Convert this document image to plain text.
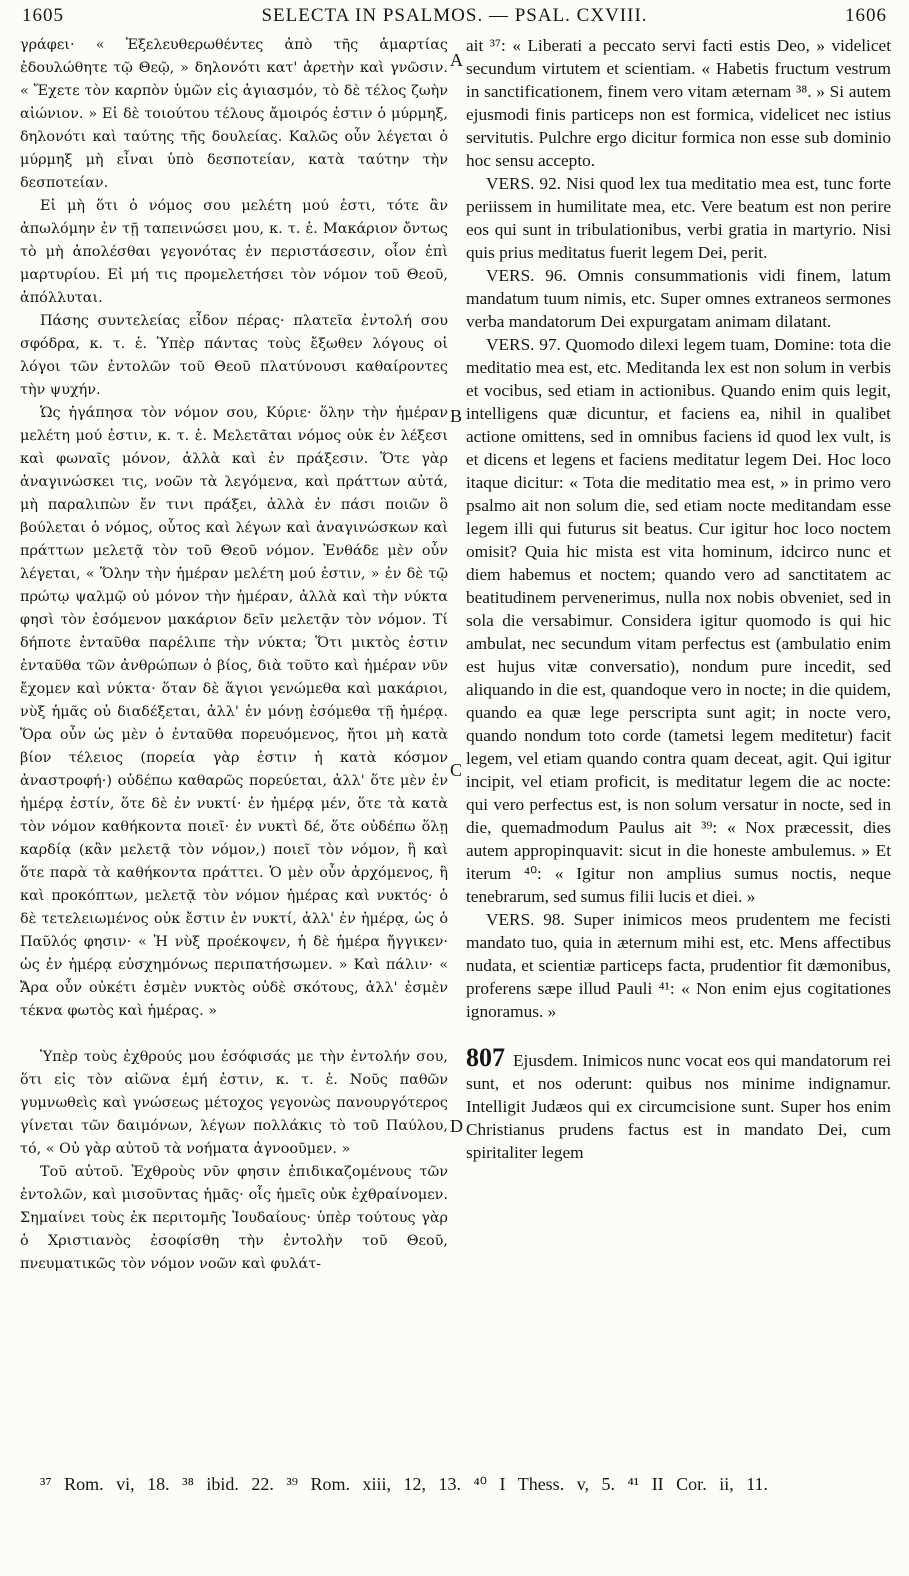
1605	SELECTA IN PSALMOS. — PSAL. CXVIII.	1606

γράφει· « Ἐξελευθερωθέντες ἀπὸ τῆς ἁμαρτίας ἐδουλώθητε τῷ Θεῷ, » δηλονότι κατ' ἀρετὴν καὶ γνῶσιν. « Ἔχετε τὸν καρπὸν ὑμῶν εἰς ἁγιασμόν, τὸ δὲ τέλος ζωὴν αἰώνιον. » Εἰ δὲ τοιούτου τέλους ἄμοιρός ἐστιν ὁ μύρμηξ, δηλονότι καὶ ταύτης τῆς δουλείας. Καλῶς οὖν λέγεται ὁ μύρμηξ μὴ εἶναι ὑπὸ δεσποτείαν, κατὰ ταύτην τὴν δεσποτείαν.

Εἰ μὴ ὅτι ὁ νόμος σου μελέτη μού ἐστι, τότε ἂν ἀπωλόμην ἐν τῇ ταπεινώσει μου, κ. τ. ἑ. Μακάριον ὄντως τὸ μὴ ἀπολέσθαι γεγονότας ἐν περιστάσεσιν, οἷον ἐπὶ μαρτυρίου. Εἰ μή τις προμελετήσει τὸν νόμον τοῦ Θεοῦ, ἀπόλλυται.

Πάσης συντελείας εἶδον πέρας· πλατεῖα ἐντολή σου σφόδρα, κ. τ. ἑ. Ὑπὲρ πάντας τοὺς ἔξωθεν λόγους οἱ λόγοι τῶν ἐντολῶν τοῦ Θεοῦ πλατύνουσι καθαίροντες τὴν ψυχήν.

Ὡς ἠγάπησα τὸν νόμον σου, Κύριε· ὅλην τὴν ἡμέραν μελέτη μού ἐστιν, κ. τ. ἑ. Μελετᾶται νόμος οὐκ ἐν λέξεσι καὶ φωναῖς μόνον, ἀλλὰ καὶ ἐν πράξεσιν. Ὅτε γὰρ ἀναγινώσκει τις, νοῶν τὰ λεγόμενα, καὶ πράττων αὐτά, μὴ παραλιπὼν ἔν τινι πράξει, ἀλλὰ ἐν πάσι ποιῶν ὃ βούλεται ὁ νόμος, οὗτος καὶ λέγων καὶ ἀναγινώσκων καὶ πράττων μελετᾷ τὸν τοῦ Θεοῦ νόμον. Ἐνθάδε μὲν οὖν λέγεται, « Ὅλην τὴν ἡμέραν μελέτη μού ἐστιν, » ἐν δὲ τῷ πρώτῳ ψαλμῷ οὐ μόνον τὴν ἡμέραν, ἀλλὰ καὶ τὴν νύκτα φησὶ τὸν ἐσόμενον μακάριον δεῖν μελετᾷν τὸν νόμον. Τί δήποτε ἐνταῦθα παρέλιπε τὴν νύκτα; Ὅτι μικτὸς ἐστιν ἐνταῦθα τῶν ἀνθρώπων ὁ βίος, διὰ τοῦτο καὶ ἡμέραν νῦν ἔχομεν καὶ νύκτα· ὅταν δὲ ἅγιοι γενώμεθα καὶ μακάριοι, νὺξ ἡμᾶς οὐ διαδέξεται, ἀλλ' ἐν μόνῃ ἐσόμεθα τῇ ἡμέρᾳ. Ὅρα οὖν ὡς μὲν ὁ ἐνταῦθα πορευόμενος, ἤτοι μὴ κατὰ βίον τέλειος (πορεία γὰρ ἐστιν ἡ κατὰ κόσμον ἀναστροφή·) οὐδέπω καθαρῶς πορεύεται, ἀλλ' ὅτε μὲν ἐν ἡμέρᾳ ἐστίν, ὅτε δὲ ἐν νυκτί· ἐν ἡμέρᾳ μέν, ὅτε τὰ κατὰ τὸν νόμον καθήκοντα ποιεῖ· ἐν νυκτὶ δέ, ὅτε οὐδέπω ὅλῃ καρδίᾳ (κἂν μελετᾷ τὸν νόμον,) ποιεῖ τὸν νόμον, ἢ καὶ ὅτε παρὰ τὰ καθήκοντα πράττει. Ὁ μὲν οὖν ἀρχόμενος, ἢ καὶ προκόπτων, μελετᾷ τὸν νόμον ἡμέρας καὶ νυκτός· ὁ δὲ τετελειωμένος οὐκ ἔστιν ἐν νυκτί, ἀλλ' ἐν ἡμέρᾳ, ὡς ὁ Παῦλός φησιν· « Ἡ νὺξ προέκοψεν, ἡ δὲ ἡμέρα ἤγγικεν· ὡς ἐν ἡμέρᾳ εὐσχημόνως περιπατήσωμεν. » Καὶ πάλιν· « Ἄρα οὖν οὐκέτι ἐσμὲν νυκτὸς οὐδὲ σκότους, ἀλλ' ἐσμὲν τέκνα φωτὸς καὶ ἡμέρας. »

Ὑπὲρ τοὺς ἐχθρούς μου ἐσόφισάς με τὴν ἐντολήν σου, ὅτι εἰς τὸν αἰῶνα ἐμή ἐστιν, κ. τ. ἑ. Νοῦς παθῶν γυμνωθεὶς καὶ γνώσεως μέτοχος γεγονὼς πανουργότερος γίνεται τῶν δαιμόνων, λέγων πολλάκις τὸ τοῦ Παύλου, τό, « Οὐ γὰρ αὐτοῦ τὰ νοήματα ἀγνοοῦμεν. »

Τοῦ αὐτοῦ. Ἐχθροὺς νῦν φησιν ἐπιδικαζομένους τῶν ἐντολῶν, καὶ μισοῦντας ἡμᾶς· οἷς ἡμεῖς οὐκ ἐχθραίνομεν. Σημαίνει τοὺς ἐκ περιτομῆς Ἰουδαίους· ὑπὲρ τούτους γὰρ ὁ Χριστιανὸς ἐσοφίσθη τὴν ἐντολὴν τοῦ Θεοῦ, πνευματικῶς τὸν νόμον νοῶν καὶ φυλάτ-

ait ³⁷: « Liberati a peccato servi facti estis Deo, » videlicet secundum virtutem et scientiam. « Habetis fructum vestrum in sanctificationem, finem vero vitam æternam ³⁸. » Si autem ejusmodi finis particeps non est formica, videlicet nec istius servitutis. Pulchre ergo dicitur formica non esse sub dominio hoc sensu accepto.

VERS. 92. Nisi quod lex tua meditatio mea est, tunc forte periissem in humilitate mea, etc. Vere beatum est non perire eos qui sunt in tribulationibus, verbi gratia in martyrio. Nisi quis prius meditatus fuerit legem Dei, perit.

VERS. 96. Omnis consummationis vidi finem, latum mandatum tuum nimis, etc. Super omnes extraneos sermones verba mandatorum Dei expurgatam animam dilatant.

VERS. 97. Quomodo dilexi legem tuam, Domine: tota die meditatio mea est, etc. Meditanda lex est non solum in verbis et vocibus, sed etiam in actionibus. Quando enim quis legit, intelligens quæ dicuntur, et faciens ea, nihil in qualibet actione omittens, sed in omnibus faciens id quod lex vult, is et dicens et legens et faciens meditatur legem Dei. Hoc loco itaque dicitur: « Tota die meditatio mea est, » in primo vero psalmo ait non solum die, sed etiam nocte meditandam esse legem illi qui futurus sit beatus. Cur igitur hoc loco noctem omisit? Quia hic mista est vita hominum, idcirco nunc et diem habemus et noctem; quando vero ad sanctitatem ac beatitudinem pervenerimus, nulla nox nobis obveniet, sed in sola die versabimur. Considera igitur quomodo is qui hic ambulat, nec secundum vitam perfectus est (ambulatio enim est hujus vitæ conversatio), nondum pure incedit, sed aliquando in die est, quandoque vero in nocte; in die quidem, quando ea quæ lege perscripta sunt agit; in nocte vero, quando nondum toto corde (tametsi legem meditetur) facit legem, vel etiam quando contra quam deceat, agit. Qui igitur incipit, vel etiam proficit, is meditatur legem die ac nocte: qui vero perfectus est, is non solum versatur in nocte, sed in die, quemadmodum Paulus ait ³⁹: « Nox præcessit, dies autem appropinquavit: sicut in die honeste ambulemus. » Et iterum ⁴⁰: « Igitur non amplius sumus noctis, neque tenebrarum, sed sumus filii lucis et diei. »

VERS. 98. Super inimicos meos prudentem me fecisti mandato tuo, quia in æternum mihi est, etc. Mens affectibus nudata, et scientiæ particeps facta, prudentior fit dæmonibus, proferens sæpe illud Pauli ⁴¹: « Non enim ejus cogitationes ignoramus. »

807 Ejusdem. Inimicos nunc vocat eos qui mandatorum rei sunt, et nos oderunt: quibus nos minime indignamur. Intelligit Judæos qui ex circumcisione sunt. Super hos enim Christianus prudens factus est in mandato Dei, cum spiritaliter legem

A
B
C
D
³⁷ Rom. vi, 18. ³⁸ ibid. 22. ³⁹ Rom. xiii, 12, 13. ⁴⁰ I Thess. v, 5. ⁴¹ II Cor. ii, 11.
